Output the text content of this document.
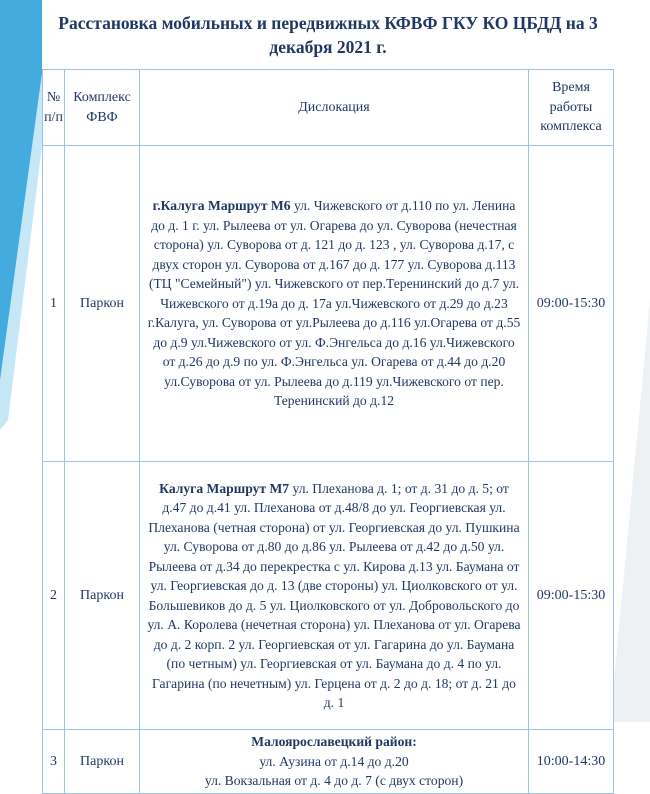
Расстановка мобильных и передвижных КФВФ ГКУ КО ЦБДД на 3 декабря 2021 г.
№ п/п	Комплекс ФВФ	Дислокация	Время работы комплекса
1	Паркон	г.Калуга Маршрут М6 ул. Чижевского от д.110 по ул. Ленина до д. 1 г. ул. Рылеева от ул. Огарева до ул. Суворова (нечестная сторона) ул. Суворова от д. 121 до д. 123 , ул. Суворова д.17, с двух сторон ул. Суворова от д.167 до д. 177 ул. Суворова д.113 (ТЦ "Семейный") ул. Чижевского от пер.Теренинский до д.7 ул. Чижевского от д.19а до д. 17а ул.Чижевского от д.29 до д.23 г.Калуга, ул. Суворова от ул.Рылеева до д.116 ул.Огарева от д.55 до д.9 ул.Чижевского от ул. Ф.Энгельса до д.16 ул.Чижевского от д.26 до д.9 по ул. Ф.Энгельса ул. Огарева от д.44 до д.20 ул.Суворова от ул. Рылеева до д.119 ул.Чижевского от пер. Теренинский до д.12	09:00-15:30
2	Паркон	Калуга Маршрут М7 ул. Плеханова д. 1; от д. 31 до д. 5; от д.47 до д.41 ул. Плеханова от д.48/8 до ул. Георгиевская ул. Плеханова (четная сторона) от ул. Георгиевская до ул. Пушкина ул. Суворова от д.80 до д.86 ул. Рылеева от д.42 до д.50 ул. Рылеева от д.34 до перекрестка с ул. Кирова д.13 ул. Баумана от ул. Георгиевская до д. 13 (две стороны) ул. Циолковского от ул. Большевиков до д. 5 ул. Циолковского от ул. Добровольского до ул. А. Королева (нечетная сторона) ул. Плеханова от ул. Огарева до д. 2 корп. 2 ул. Георгиевская от ул. Гагарина до ул. Баумана (по четным) ул. Георгиевская от ул. Баумана до д. 4 по ул. Гагарина (по нечетным) ул. Герцена от д. 2 до д. 18; от д. 21 до д. 1	09:00-15:30
3	Паркон	Малоярославецкий район:
ул. Аузина от д.14 до д.20
ул. Вокзальная от д. 4 до д. 7 (с двух сторон)	10:00-14:30
